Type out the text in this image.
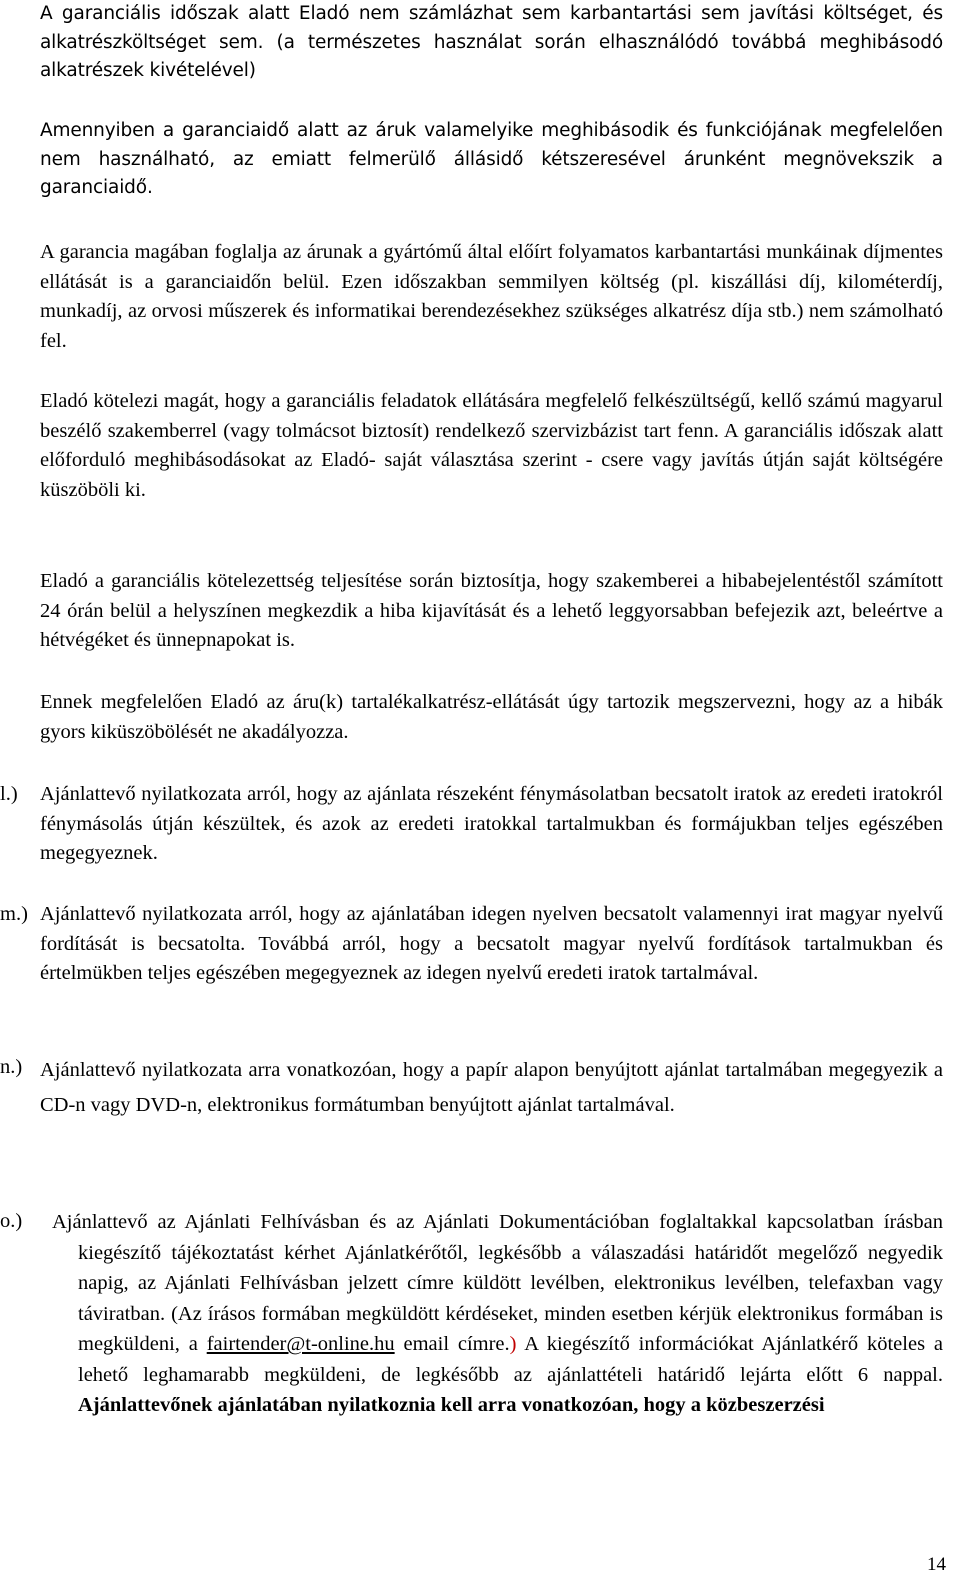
A garanciális időszak alatt Eladó nem számlázhat sem karbantartási sem javítási költséget, és alkatrészköltséget sem. (a természetes használat során elhasználódó továbbá meghibásodó alkatrészek kivételével)

Amennyiben a garanciaidő alatt az áruk valamelyike meghibásodik és funkciójának megfelelően nem használható, az emiatt felmerülő állásidő kétszeresével árunként megnövekszik a garanciaidő.

A garancia magában foglalja az árunak a gyártómű által előírt folyamatos karbantartási munkáinak díjmentes ellátását is a garanciaidőn belül. Ezen időszakban semmilyen költség (pl. kiszállási díj, kilométerdíj, munkadíj, az orvosi műszerek és informatikai berendezésekhez szükséges alkatrész díja stb.) nem számolható fel.

Eladó kötelezi magát, hogy a garanciális feladatok ellátására megfelelő felkészültségű, kellő számú magyarul beszélő szakemberrel (vagy tolmácsot biztosít) rendelkező szervizbázist tart fenn. A garanciális időszak alatt előforduló meghibásodásokat az Eladó- saját választása szerint - csere vagy javítás útján saját költségére küszöböli ki.

Eladó a garanciális kötelezettség teljesítése során biztosítja, hogy szakemberei a hibabejelentéstől számított 24 órán belül a helyszínen megkezdik a hiba kijavítását és a lehető leggyorsabban befejezik azt, beleértve a hétvégéket és ünnepnapokat is.

Ennek megfelelően Eladó az áru(k) tartalékalkatrész-ellátását úgy tartozik megszervezni, hogy az a hibák gyors kiküszöbölését ne akadályozza.

l.) Ajánlattevő nyilatkozata arról, hogy az ajánlata részeként fénymásolatban becsatolt iratok az eredeti iratokról fénymásolás útján készültek, és azok az eredeti iratokkal tartalmukban és formájukban teljes egészében megegyeznek.

m.) Ajánlattevő nyilatkozata arról, hogy az ajánlatában idegen nyelven becsatolt valamennyi irat magyar nyelvű fordítását is becsatolta. Továbbá arról, hogy a becsatolt magyar nyelvű fordítások tartalmukban és értelmükben teljes egészében megegyeznek az idegen nyelvű eredeti iratok tartalmával.

n.) Ajánlattevő nyilatkozata arra vonatkozóan, hogy a papír alapon benyújtott ajánlat tartalmában megegyezik a CD-n vagy DVD-n, elektronikus formátumban benyújtott ajánlat tartalmával.

o.) Ajánlattevő az Ajánlati Felhívásban és az Ajánlati Dokumentációban foglaltakkal kapcsolatban írásban kiegészítő tájékoztatást kérhet Ajánlatkérőtől, legkésőbb a válaszadási határidőt megelőző negyedik napig, az Ajánlati Felhívásban jelzett címre küldött levélben, elektronikus levélben, telefaxban vagy táviratban. (Az írásos formában megküldött kérdéseket, minden esetben kérjük elektronikus formában is megküldeni, a fairtender@t-online.hu email címre.) A kiegészítő információkat Ajánlatkérő köteles a lehető leghamarabb megküldeni, de legkésőbb az ajánlattételi határidő lejárta előtt 6 nappal. Ajánlattevőnek ajánlatában nyilatkoznia kell arra vonatkozóan, hogy a közbeszerzési

14
